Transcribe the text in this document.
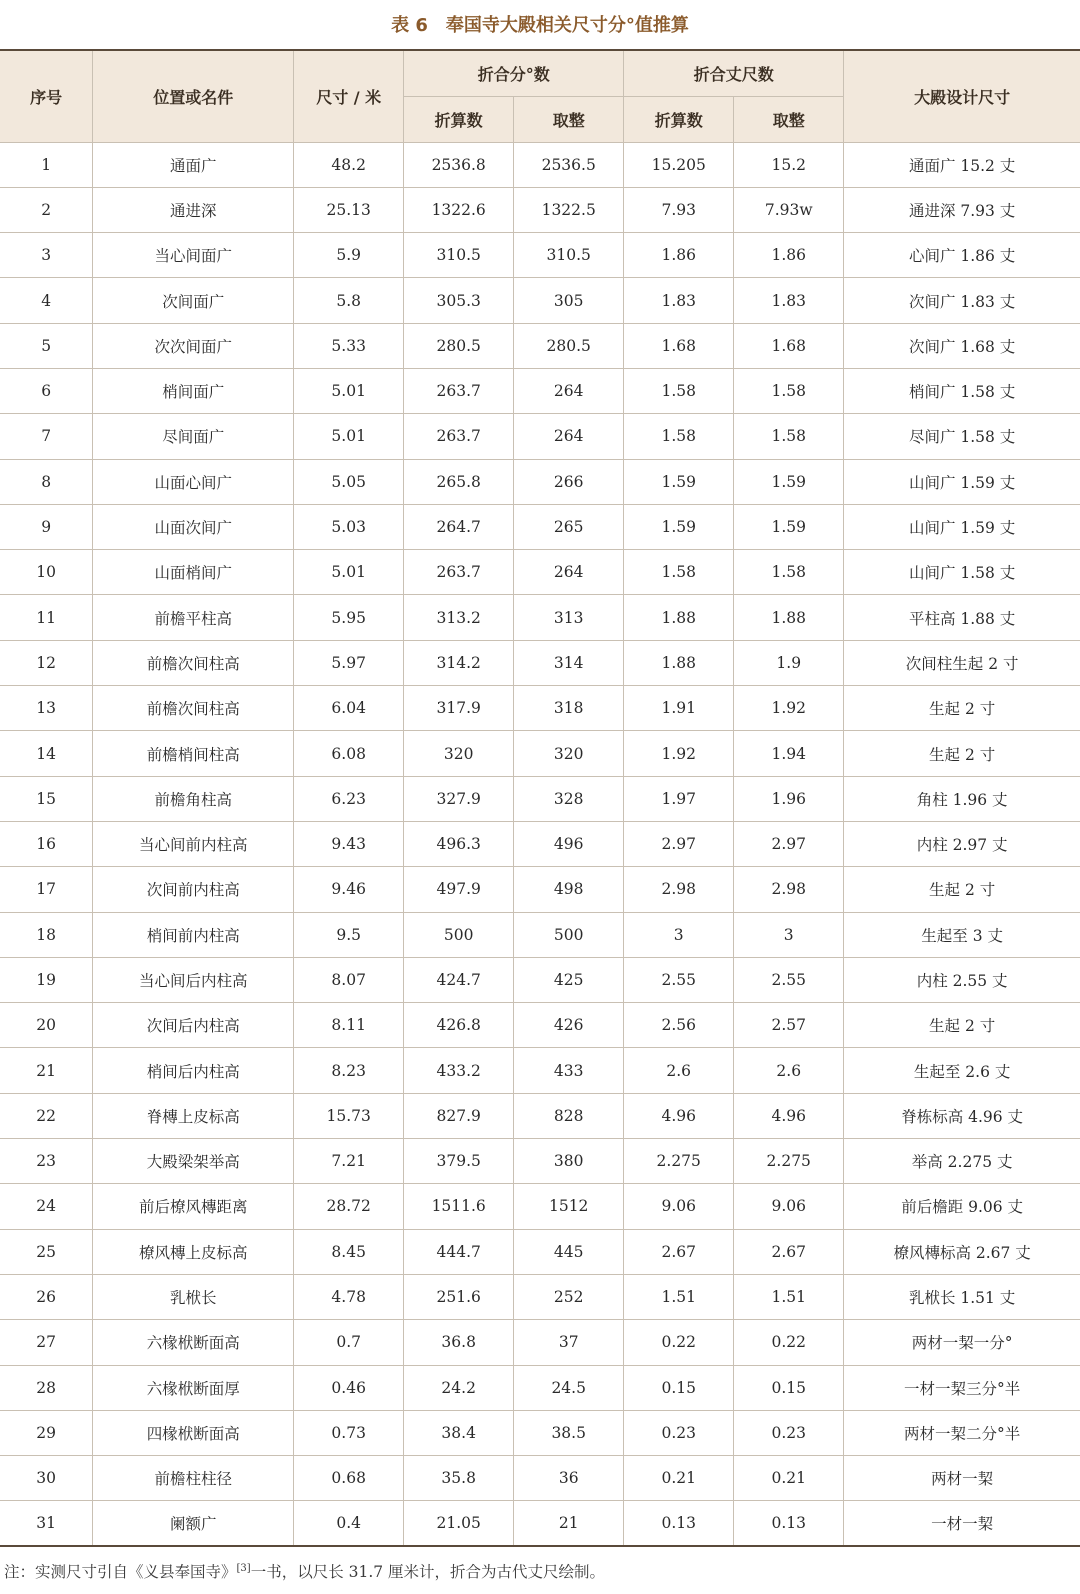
表 6 奉国寺大殿相关尺寸分°值推算
序号	位置或名件	尺寸 / 米	折合分°数		折合丈尺数		大殿设计尺寸
			折算数	取整	折算数	取整	
1	通面广	48.2	2536.8	2536.5	15.205	15.2	通面广 15.2 丈
2	通进深	25.13	1322.6	1322.5	7.93	7.93w	通进深 7.93 丈
3	当心间面广	5.9	310.5	310.5	1.86	1.86	心间广 1.86 丈
4	次间面广	5.8	305.3	305	1.83	1.83	次间广 1.83 丈
5	次次间面广	5.33	280.5	280.5	1.68	1.68	次间广 1.68 丈
6	梢间面广	5.01	263.7	264	1.58	1.58	梢间广 1.58 丈
7	尽间面广	5.01	263.7	264	1.58	1.58	尽间广 1.58 丈
8	山面心间广	5.05	265.8	266	1.59	1.59	山间广 1.59 丈
9	山面次间广	5.03	264.7	265	1.59	1.59	山间广 1.59 丈
10	山面梢间广	5.01	263.7	264	1.58	1.58	山间广 1.58 丈
11	前檐平柱高	5.95	313.2	313	1.88	1.88	平柱高 1.88 丈
12	前檐次间柱高	5.97	314.2	314	1.88	1.9	次间柱生起 2 寸
13	前檐次间柱高	6.04	317.9	318	1.91	1.92	生起 2 寸
14	前檐梢间柱高	6.08	320	320	1.92	1.94	生起 2 寸
15	前檐角柱高	6.23	327.9	328	1.97	1.96	角柱 1.96 丈
16	当心间前内柱高	9.43	496.3	496	2.97	2.97	内柱 2.97 丈
17	次间前内柱高	9.46	497.9	498	2.98	2.98	生起 2 寸
18	梢间前内柱高	9.5	500	500	3	3	生起至 3 丈
19	当心间后内柱高	8.07	424.7	425	2.55	2.55	内柱 2.55 丈
20	次间后内柱高	8.11	426.8	426	2.56	2.57	生起 2 寸
21	梢间后内柱高	8.23	433.2	433	2.6	2.6	生起至 2.6 丈
22	脊槫上皮标高	15.73	827.9	828	4.96	4.96	脊栋标高 4.96 丈
23	大殿梁架举高	7.21	379.5	380	2.275	2.275	举高 2.275 丈
24	前后橑风槫距离	28.72	1511.6	1512	9.06	9.06	前后檐距 9.06 丈
25	橑风槫上皮标高	8.45	444.7	445	2.67	2.67	橑风槫标高 2.67 丈
26	乳栿长	4.78	251.6	252	1.51	1.51	乳栿长 1.51 丈
27	六椽栿断面高	0.7	36.8	37	0.22	0.22	两材一栔一分°
28	六椽栿断面厚	0.46	24.2	24.5	0.15	0.15	一材一栔三分°半
29	四椽栿断面高	0.73	38.4	38.5	0.23	0.23	两材一栔二分°半
30	前檐柱柱径	0.68	35.8	36	0.21	0.21	两材一栔
31	阑额广	0.4	21.05	21	0.13	0.13	一材一栔
注：实测尺寸引自《义县奉国寺》[3]一书，以尺长 31.7 厘米计，折合为古代丈尺绘制。
